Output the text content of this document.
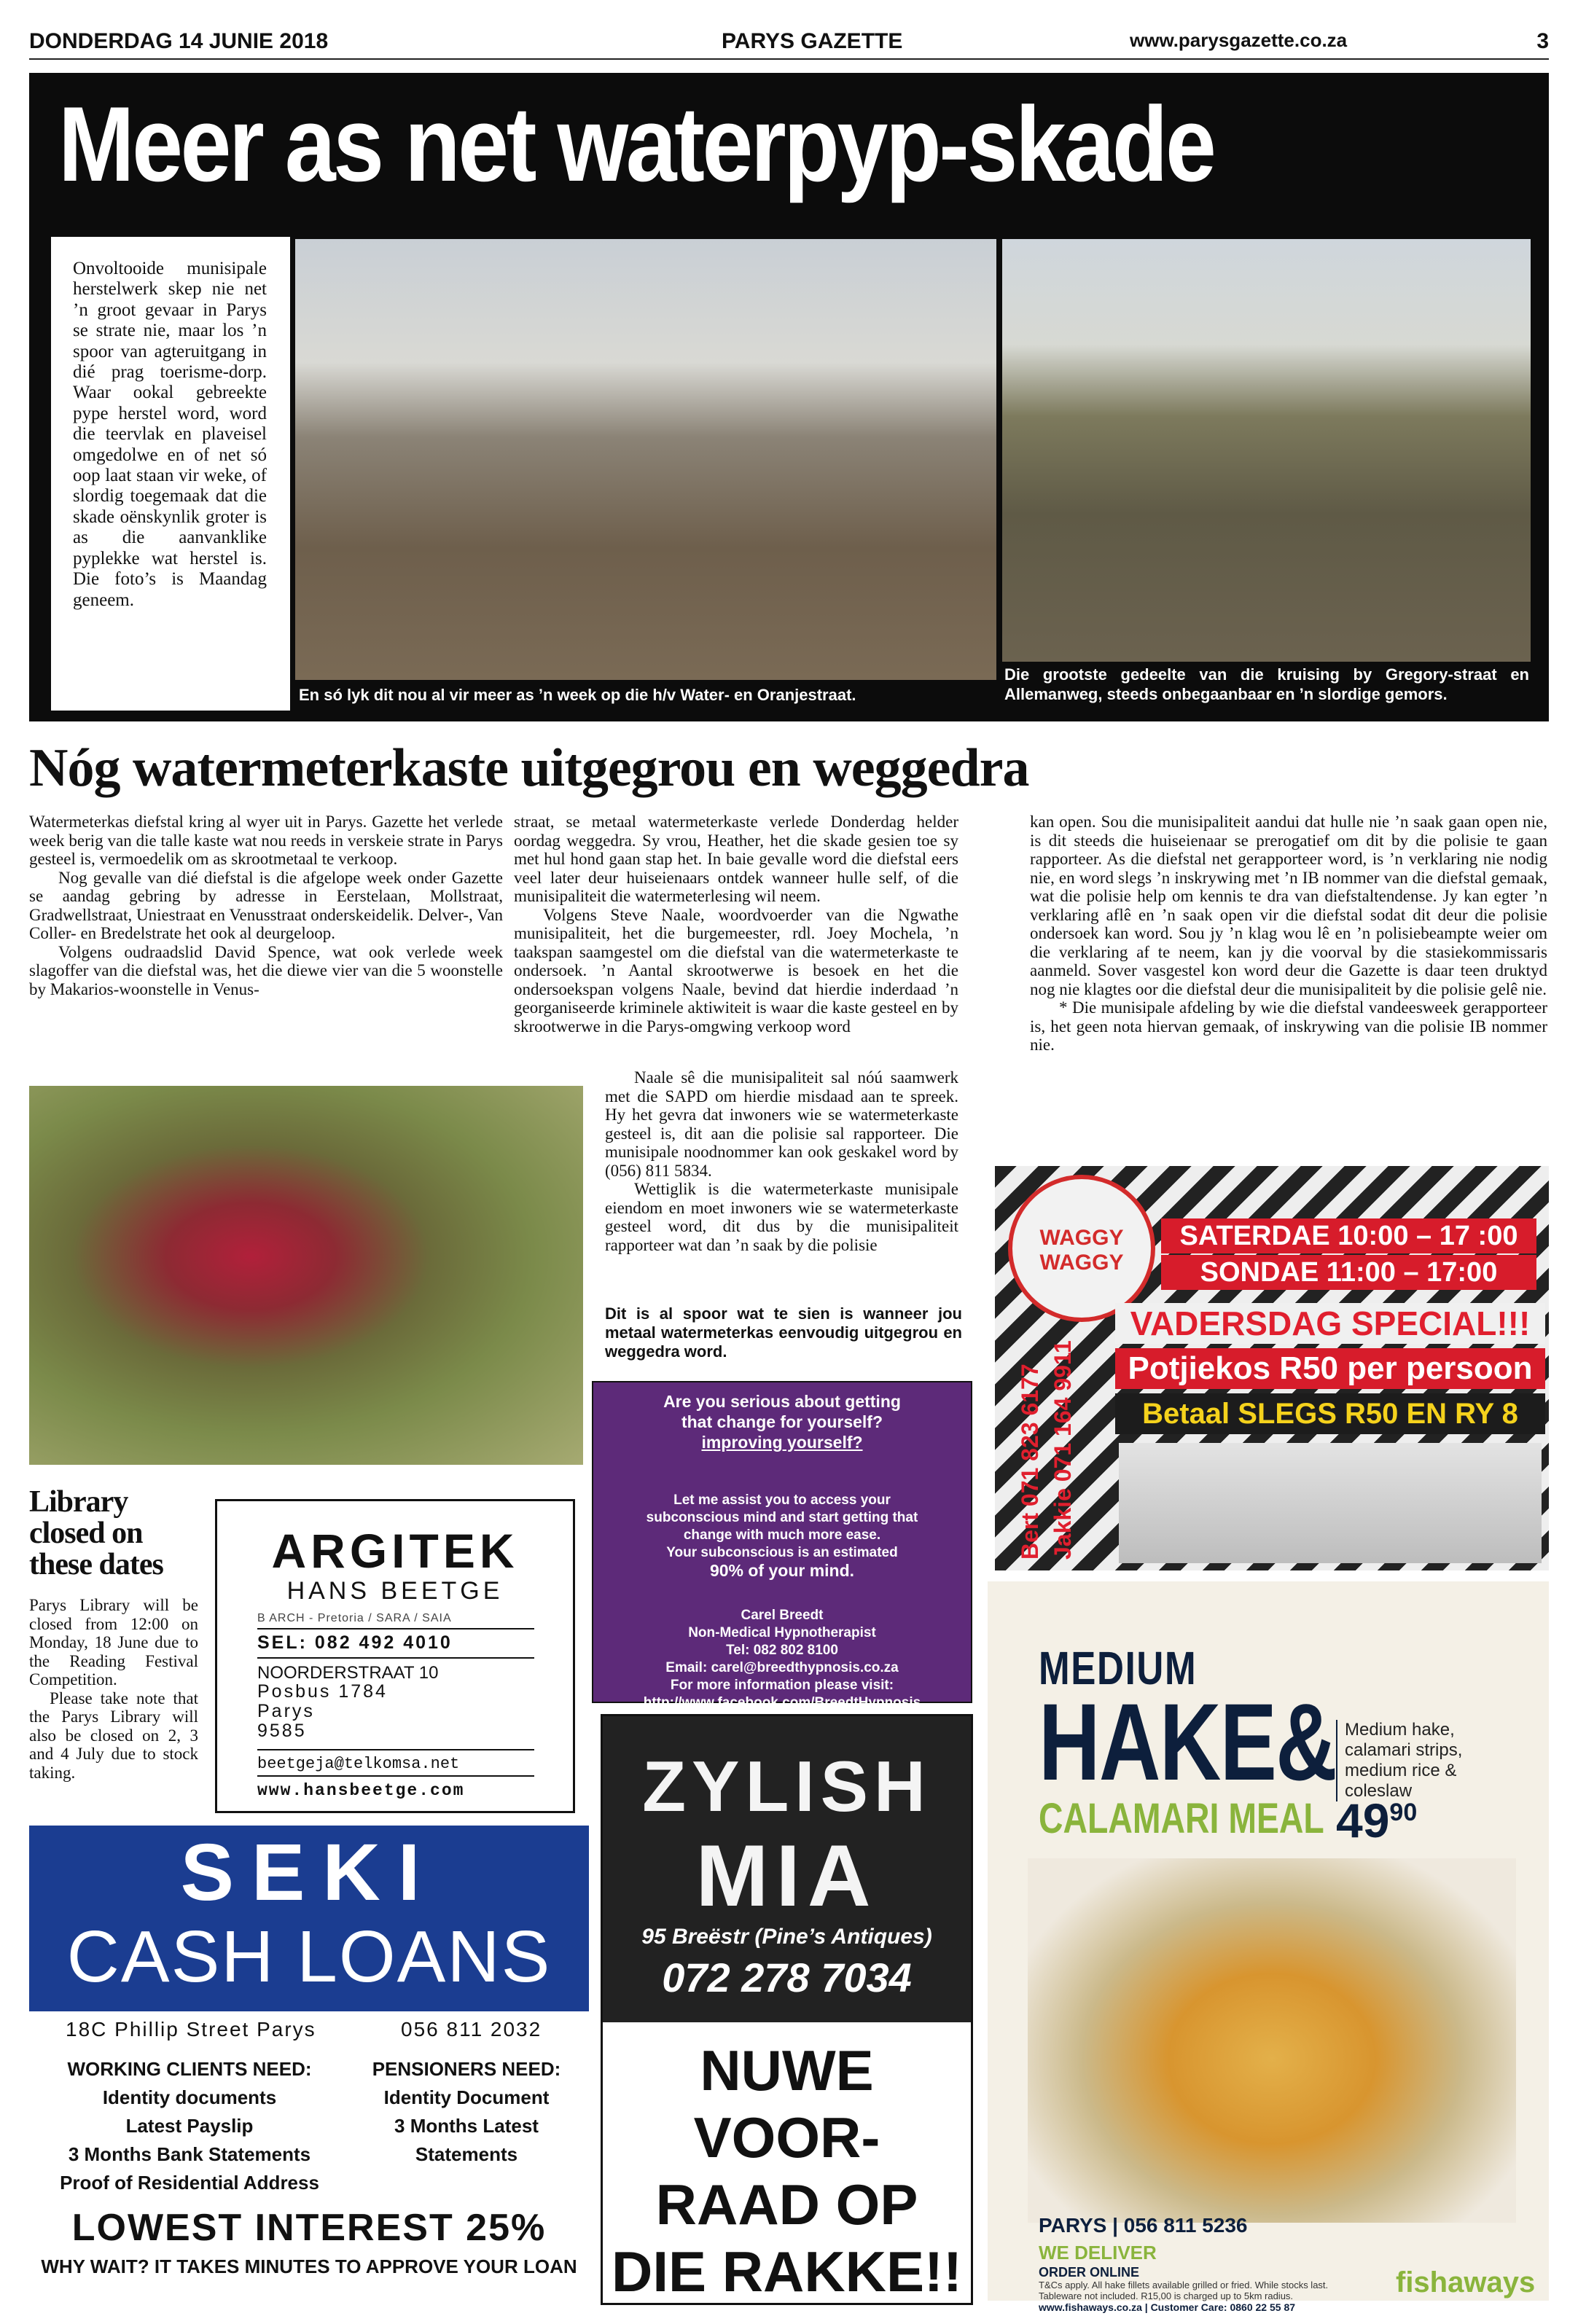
DONDERDAG 14 JUNIE 2018	PARYS GAZETTE	www.parysgazette.co.za	3
Meer as net waterpyp-skade
Onvoltooide munisipale herstelwerk skep nie net ’n groot gevaar in Parys se strate nie, maar los ’n spoor van agteruitgang in dié prag toerisme-dorp. Waar ookal gebreekte pype herstel word, word die teervlak en plaveisel omgedolwe en of net só oop laat staan vir weke, of slordig toegemaak dat die skade oënskynlik groter is as die aanvanklike pyplekke wat herstel is. Die foto’s is Maandag geneem.
En só lyk dit nou al vir meer as ’n week op die h/v Water- en Oranjestraat.
Die grootste gedeelte van die kruising by Gregory-straat en Allemanweg, steeds onbegaanbaar en ’n slordige gemors.
Nóg watermeterkaste uitgegrou en weggedra

Watermeterkas diefstal kring al wyer uit in Parys. Gazette het verlede week berig van die talle kaste wat nou reeds in verskeie strate in Parys gesteel is, vermoedelik om as skrootmetaal te verkoop.

Nog gevalle van dié diefstal is die afgelope week onder Gazette se aandag gebring by adresse in Eerstelaan, Mollstraat, Gradwellstraat, Uniestraat en Venusstraat onderskeidelik. Delver-, Van Coller- en Bredelstrate het ook al deurgeloop.

Volgens oudraadslid David Spence, wat ook verlede week slagoffer van die diefstal was, het die diewe vier van die 5 woonstelle by Makarios-woonstelle in Venus-

straat, se metaal watermeterkaste verlede Donderdag helder oordag weggedra. Sy vrou, Heather, het die skade gesien toe sy met hul hond gaan stap het. In baie gevalle word die diefstal eers veel later deur huiseienaars ontdek wanneer hulle self, of die munisipaliteit die watermeterlesing wil neem.

Volgens Steve Naale, woordvoerder van die Ngwathe munisipaliteit, het die burgemeester, rdl. Joey Mochela, ’n taakspan saamgestel om die diefstal van die watermeterkaste te ondersoek. ’n Aantal skrootwerwe is besoek en het die ondersoekspan volgens Naale, bevind dat hierdie inderdaad ’n georganiseerde kriminele aktiwiteit is waar die kaste gesteel en by skrootwerwe in die Parys-omgwing verkoop word

Naale sê die munisipaliteit sal nóú saamwerk met die SAPD om hierdie misdaad aan te spreek. Hy het gevra dat inwoners wie se watermeterkaste gesteel is, dit aan die polisie sal rapporteer. Die munisipale noodnommer kan ook geskakel word by (056) 811 5834.

Wettiglik is die watermeterkaste munisipale eiendom en moet inwoners wie se watermeterkaste gesteel word, dit dus by die munisipaliteit rapporteer wat dan ’n saak by die polisie

kan open. Sou die munisipaliteit aandui dat hulle nie ’n saak gaan open nie, is dit steeds die huiseienaar se prerogatief om dit by die polisie te gaan rapporteer. As die diefstal net gerapporteer word, is ’n verklaring nie nodig nie, en word slegs ’n inskrywing met ’n IB nommer van die diefstal gemaak, wat die polisie help om kennis te dra van diefstaltendense. Jy kan egter ’n verklaring aflê en ’n saak open vir die diefstal sodat dit deur die polisie ondersoek kan word. Sou jy ’n klag wou lê en ’n polisiebeampte weier om die verklaring af te neem, kan jy die voorval by die stasiekommissaris aanmeld. Sover vasgestel kon word deur die Gazette is daar teen druktyd nog nie klagtes oor die diefstal deur die munisipaliteit by die polisie gelê nie.

* Die munisipale afdeling by wie die diefstal vandeesweek gerapporteer is, het geen nota hiervan gemaak, of inskrywing van die polisie IB nommer nie.

Dit is al spoor wat te sien is wanneer jou metaal watermeterkas eenvoudig uitgegrou en weggedra word.
Library closed on these dates

Parys Library will be closed from 12:00 on Monday, 18 June due to the Reading Festival Competition.

Please take note that the Parys Library will also be closed on 2, 3 and 4 July due to stock taking.

ARGITEK
HANS BEETGE
B ARCH - Pretoria / SARA / SAIA
SEL: 082 492 4010
NOORDERSTRAAT 10
Posbus 1784
Parys
9585
beetgeja@telkomsa.net
www.hansbeetge.com
SEKI
CASH LOANS
18C Phillip Street Parys	056 811 2032
WORKING CLIENTS NEED:
Identity documents
Latest Payslip
3 Months Bank Statements
Proof of Residential Address
PENSIONERS NEED:
Identity Document
3 Months Latest
Statements
LOWEST INTEREST 25%
WHY WAIT? IT TAKES MINUTES TO APPROVE YOUR LOAN
Are you serious about getting
that change for yourself?
improving yourself?
Let me assist you to access your
subconscious mind and start getting that
change with much more ease.
Your subconscious is an estimated
90% of your mind.
Carel Breedt
Non-Medical Hypnotherapist
Tel: 082 802 8100
Email: carel@breedthypnosis.co.za
For more information please visit:
http://www.facebook.com/BreedtHypnosis
ZYLISH
MIA
95 Breëstr (Pine’s Antiques)
072 278 7034
NUWE
VOOR-
RAAD OP
DIE RAKKE!!
WAGGY WAGGY
SATERDAE 10:00 – 17 :00
SONDAE 11:00 – 17:00
VADERSDAG SPECIAL!!!
Potjiekos R50 per persoon
Betaal SLEGS R50 EN RY 8
Bert 071 823 6177 Jakkie 071 164 9911
MEDIUM
HAKE&
CALAMARI MEAL
Medium hake, calamari strips, medium rice & coleslaw
$49^{90}$
PARYS | 056 811 5236
WE DELIVER
ORDER ONLINE
T&Cs apply. All hake fillets available grilled or fried. While stocks last. Tableware not included. R15,00 is charged up to 5km radius.
www.fishaways.co.za | Customer Care: 0860 22 55 87
fishaways
